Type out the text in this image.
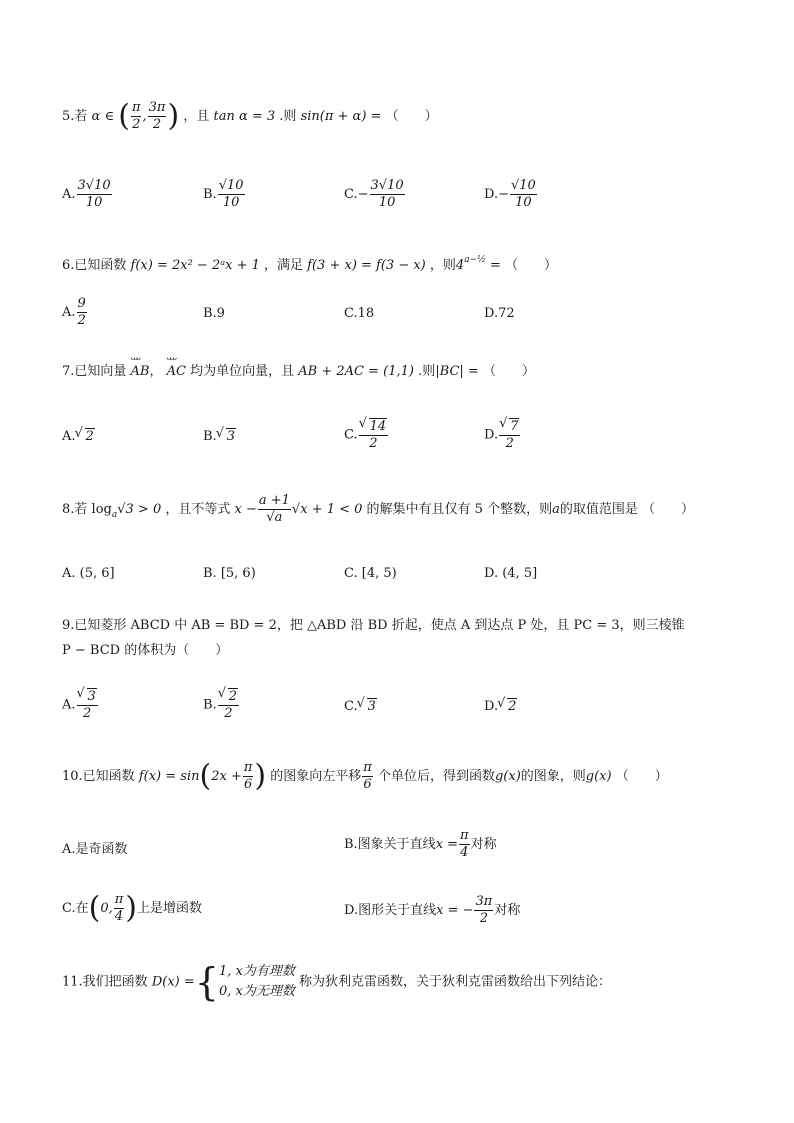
5.若 α ∈ ( $\frac{\pi}{2}$ , $\frac{3\pi}{2}$ ) ，且 tan α = 3 .则 sin(π + α) = （　　）
A. $\frac{3√10}{10}$	B. $\frac{√10}{10}$	$C.- \frac{3√10}{10}$	$D.- \frac{√10}{10}$
6.已知函数 f(x) = 2x² − 2ᵃx + 1 ，满足 f(3 + x) = f(3 − x) ，则$4^{a-\frac{1}{2}}$ = （　　）
A. $\frac{9}{2}$	B.9	C.18	D.72
7.已知向量 ᴗᴗᴗ AB， ᴗᴗᴗ AC 均为单位向量，且 AB + 2AC = (1,1) .则|BC| = （　　）
A. √ 2	B. √ 3	C. √ $\frac{14}{2}$	D. √ $\frac{7}{2}$
8.若 $\log_a√3 > 0$ ，且不等式 $x - \frac{a +1}{√a} √x + 1 < 0$ 的解集中有且仅有 5 个整数，则a的取值范围是 （　　）
A. (5, 6]	B. [5, 6)	C. [4, 5)	D. (4, 5]
9.已知菱形 ABCD 中 AB = BD = 2，把 △ABD 沿 BD 折起，使点 A 到达点 P 处，且 PC = 3，则三棱锥
P − BCD 的体积为（　　）
A. √ $\frac{3}{2}$	B. √ $\frac{2}{2}$	C. √ 3	D. √ 2
10.已知函数 $f(x) = \sin(2x + \frac{\pi}{6}$ ) 的图象向左平移 $\frac{\pi}{6}$ 个单位后，得到函数g(x)的图象，则g(x) （　　）
A.是奇函数	B.图象关于直线$x = \frac{\pi}{4}$ 对称
C.在(0, $\frac{\pi}{4}$ )上是增函数	D.图形关于直线x = − $\frac{3\pi}{2}$ 对称
11.我们把函数 D(x) ={ 1, x为有理数
0, x为无理数
称为狄利克雷函数，关于狄利克雷函数给出下列结论：
